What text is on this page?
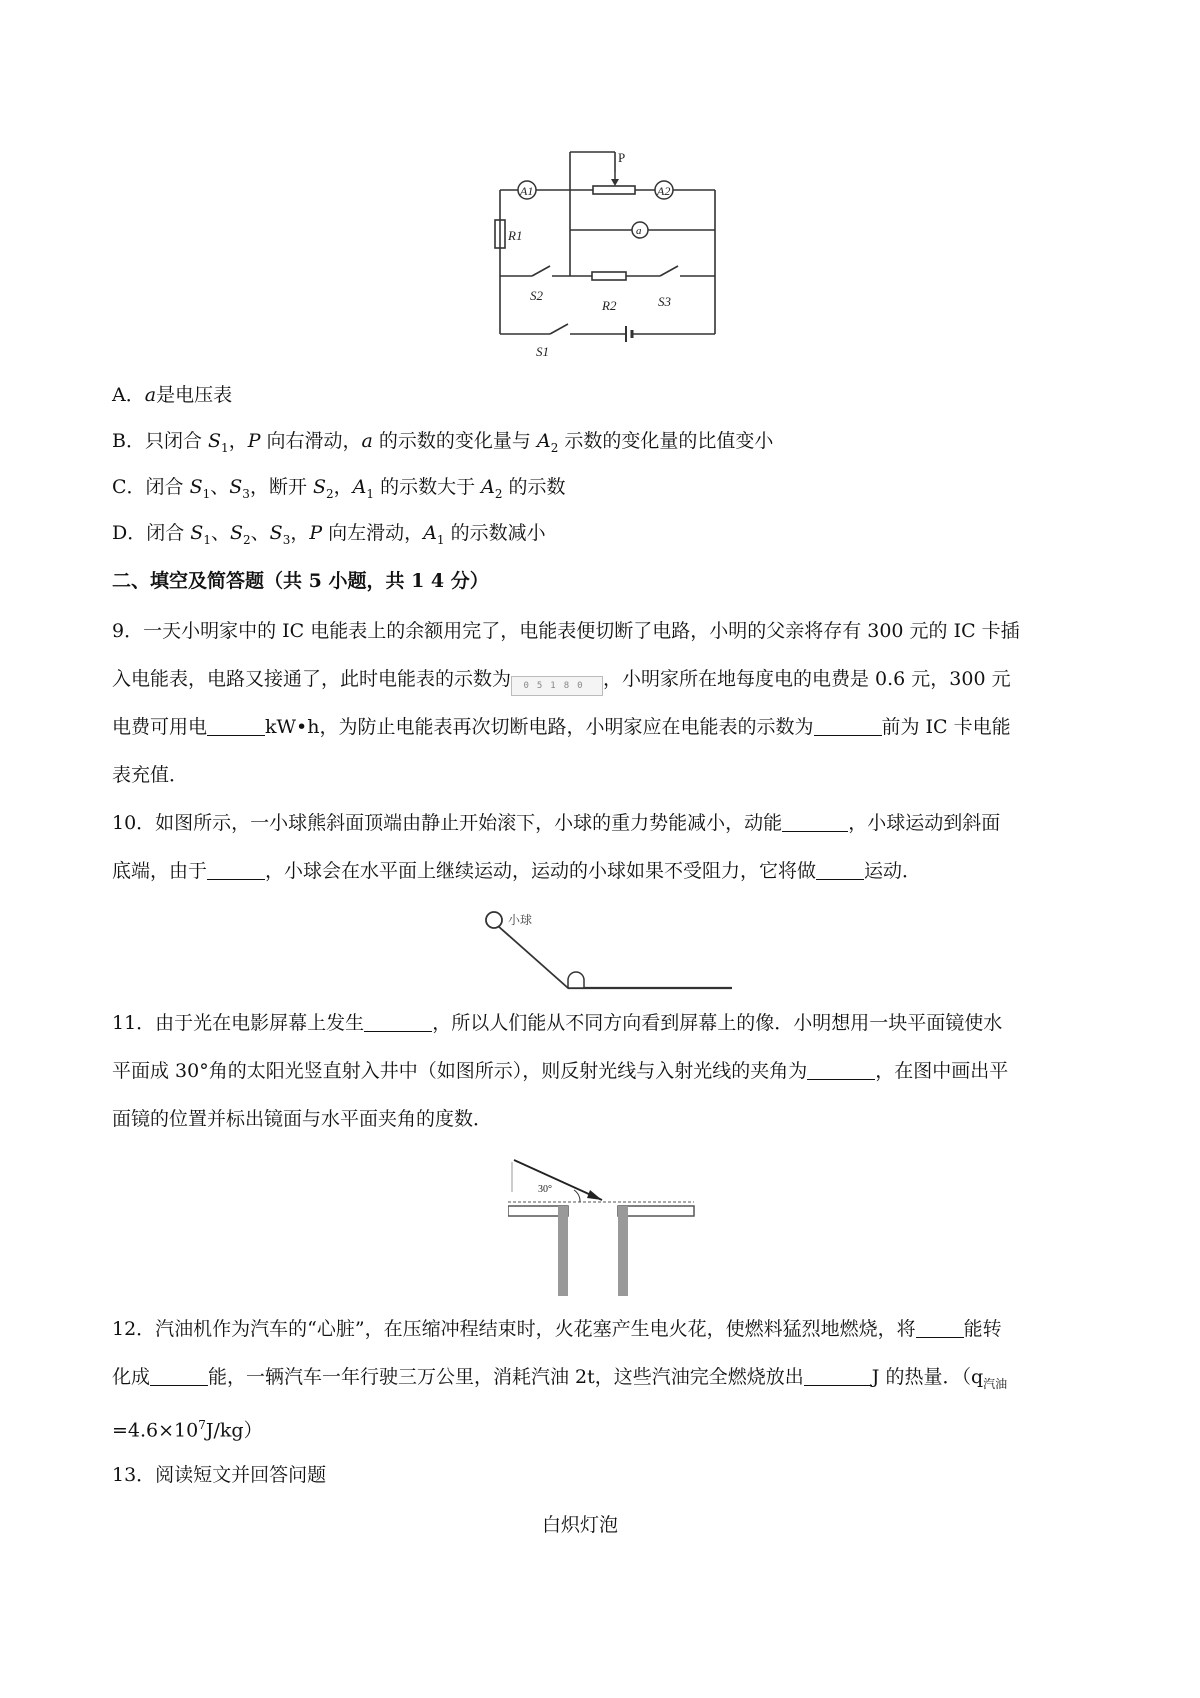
A1	A2
P
a
R1
S2
R2	S3
S1
A．a是电压表
B．只闭合 $S_1$，P 向右滑动，a 的示数的变化量与 $A_2$ 示数的变化量的比值变小
C．闭合 $S_1$、$S_3$，断开 $S_2$，$A_1$ 的示数大于 $A_2$ 的示数
D．闭合 $S_1$、$S_2$、$S_3$，P 向左滑动，$A_1$ 的示数减小
二、填空及简答题（共 5 小题，共 1 4 分）
9．一天小明家中的 IC 电能表上的余额用完了，电能表便切断了电路，小明的父亲将存有 300 元的 IC 卡插
入电能表，电路又接通了，此时电能表的示数为 05180 ，小明家所在地每度电的电费是 0.6 元，300 元
电费可用电	kW•h，为防止电能表再次切断电路，小明家应在电能表的示数为	前为 IC 卡电能
表充值．
10．如图所示，一小球熊斜面顶端由静止开始滚下，小球的重力势能减小，动能	，小球运动到斜面
底端，由于	，小球会在水平面上继续运动，运动的小球如果不受阻力，它将做	运动．
小球
11．由于光在电影屏幕上发生	，所以人们能从不同方向看到屏幕上的像．小明想用一块平面镜使水
平面成 30°角的太阳光竖直射入井中（如图所示），则反射光线与入射光线的夹角为	，在图中画出平
面镜的位置并标出镜面与水平面夹角的度数．
30°
12．汽油机作为汽车的“心脏”，在压缩冲程结束时，火花塞产生电火花，使燃料猛烈地燃烧，将	能转
化成	能，一辆汽车一年行驶三万公里，消耗汽油 2t，这些汽油完全燃烧放出	J 的热量．（$q_{汽油}$
$=4.6\times 10^7J/kg$）
13．阅读短文并回答问题
白炽灯泡
